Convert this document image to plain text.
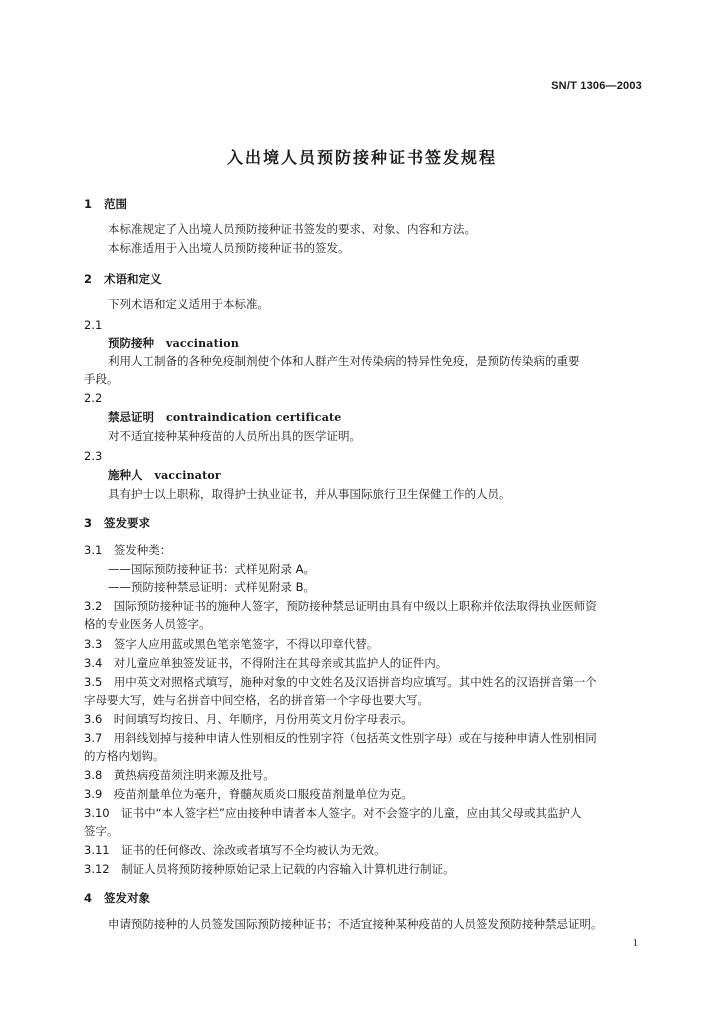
SN/T 1306—2003
入出境人员预防接种证书签发规程
1 范围
本标准规定了入出境人员预防接种证书签发的要求、对象、内容和方法。
本标准适用于入出境人员预防接种证书的签发。
2 术语和定义
下列术语和定义适用于本标准。
2.1
预防接种 vaccination
利用人工制备的各种免疫制剂使个体和人群产生对传染病的特异性免疫，是预防传染病的重要
手段。
2.2
禁忌证明 contraindication certificate
对不适宜接种某种疫苗的人员所出具的医学证明。
2.3
施种人 vaccinator
具有护士以上职称，取得护士执业证书，并从事国际旅行卫生保健工作的人员。
3 签发要求
3.1　签发种类：
——国际预防接种证书：式样见附录 A。
——预防接种禁忌证明：式样见附录 B。
3.2　国际预防接种证书的施种人签字，预防接种禁忌证明由具有中级以上职称并依法取得执业医师资
格的专业医务人员签字。
3.3　签字人应用蓝或黑色笔亲笔签字，不得以印章代替。
3.4　对儿童应单独签发证书，不得附注在其母亲或其监护人的证件内。
3.5　用中英文对照格式填写，施种对象的中文姓名及汉语拼音均应填写。其中姓名的汉语拼音第一个
字母要大写，姓与名拼音中间空格，名的拼音第一个字母也要大写。
3.6　时间填写均按日、月、年顺序，月份用英文月份字母表示。
3.7　用斜线划掉与接种申请人性别相反的性别字符（包括英文性别字母）或在与接种申请人性别相同
的方格内划钩。
3.8　黄热病疫苗须注明来源及批号。
3.9　疫苗剂量单位为毫升，脊髓灰质炎口服疫苗剂量单位为克。
3.10　证书中“本人签字栏”应由接种申请者本人签字。对不会签字的儿童，应由其父母或其监护人
签字。
3.11　证书的任何修改、涂改或者填写不全均被认为无效。
3.12　制证人员将预防接种原始记录上记载的内容输入计算机进行制证。
4 签发对象
申请预防接种的人员签发国际预防接种证书；不适宜接种某种疫苗的人员签发预防接种禁忌证明。
1
